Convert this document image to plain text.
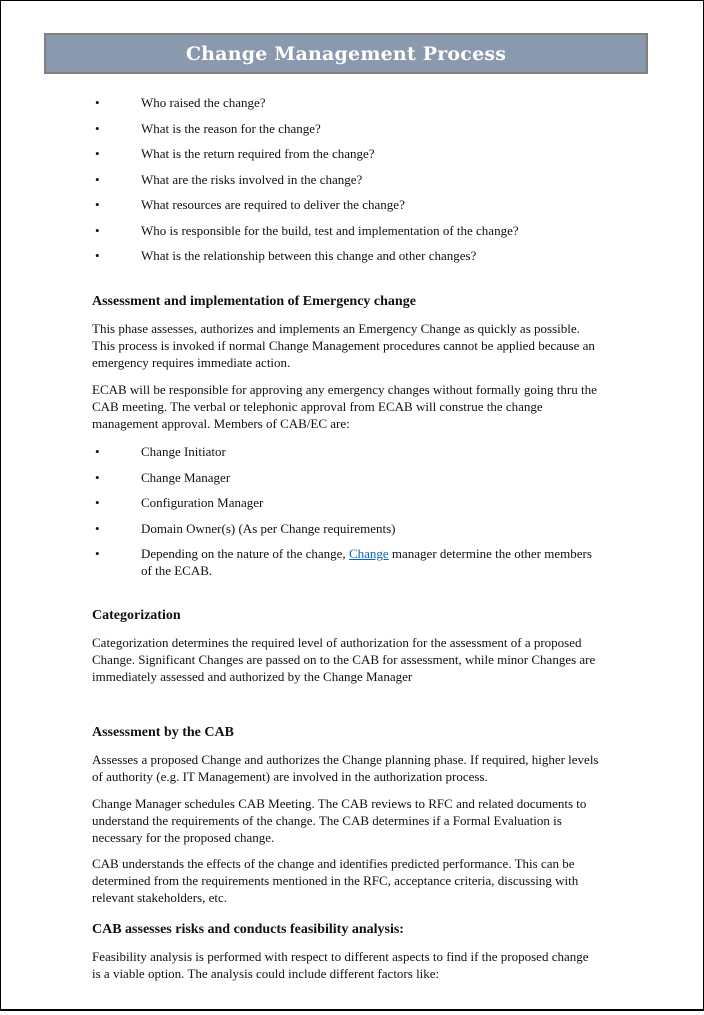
Change Management Process
•	Who raised the change?
•	What is the reason for the change?
•	What is the return required from the change?
•	What are the risks involved in the change?
•	What resources are required to deliver the change?
•	Who is responsible for the build, test and implementation of the change?
•	What is the relationship between this change and other changes?
Assessment and implementation of Emergency change

This phase assesses, authorizes and implements an Emergency Change as quickly as possible.
This process is invoked if normal Change Management procedures cannot be applied because an
emergency requires immediate action.

ECAB will be responsible for approving any emergency changes without formally going thru the
CAB meeting. The verbal or telephonic approval from ECAB will construe the change
management approval. Members of CAB/EC are:

•	Change Initiator
•	Change Manager
•	Configuration Manager
•	Domain Owner(s) (As per Change requirements)
•	Depending on the nature of the change, Change manager determine the other members
of the ECAB.
Categorization

Categorization determines the required level of authorization for the assessment of a proposed
Change. Significant Changes are passed on to the CAB for assessment, while minor Changes are
immediately assessed and authorized by the Change Manager

Assessment by the CAB

Assesses a proposed Change and authorizes the Change planning phase. If required, higher levels
of authority (e.g. IT Management) are involved in the authorization process.

Change Manager schedules CAB Meeting. The CAB reviews to RFC and related documents to
understand the requirements of the change. The CAB determines if a Formal Evaluation is
necessary for the proposed change.

CAB understands the effects of the change and identifies predicted performance. This can be
determined from the requirements mentioned in the RFC, acceptance criteria, discussing with
relevant stakeholders, etc.

CAB assesses risks and conducts feasibility analysis:

Feasibility analysis is performed with respect to different aspects to find if the proposed change
is a viable option. The analysis could include different factors like:
